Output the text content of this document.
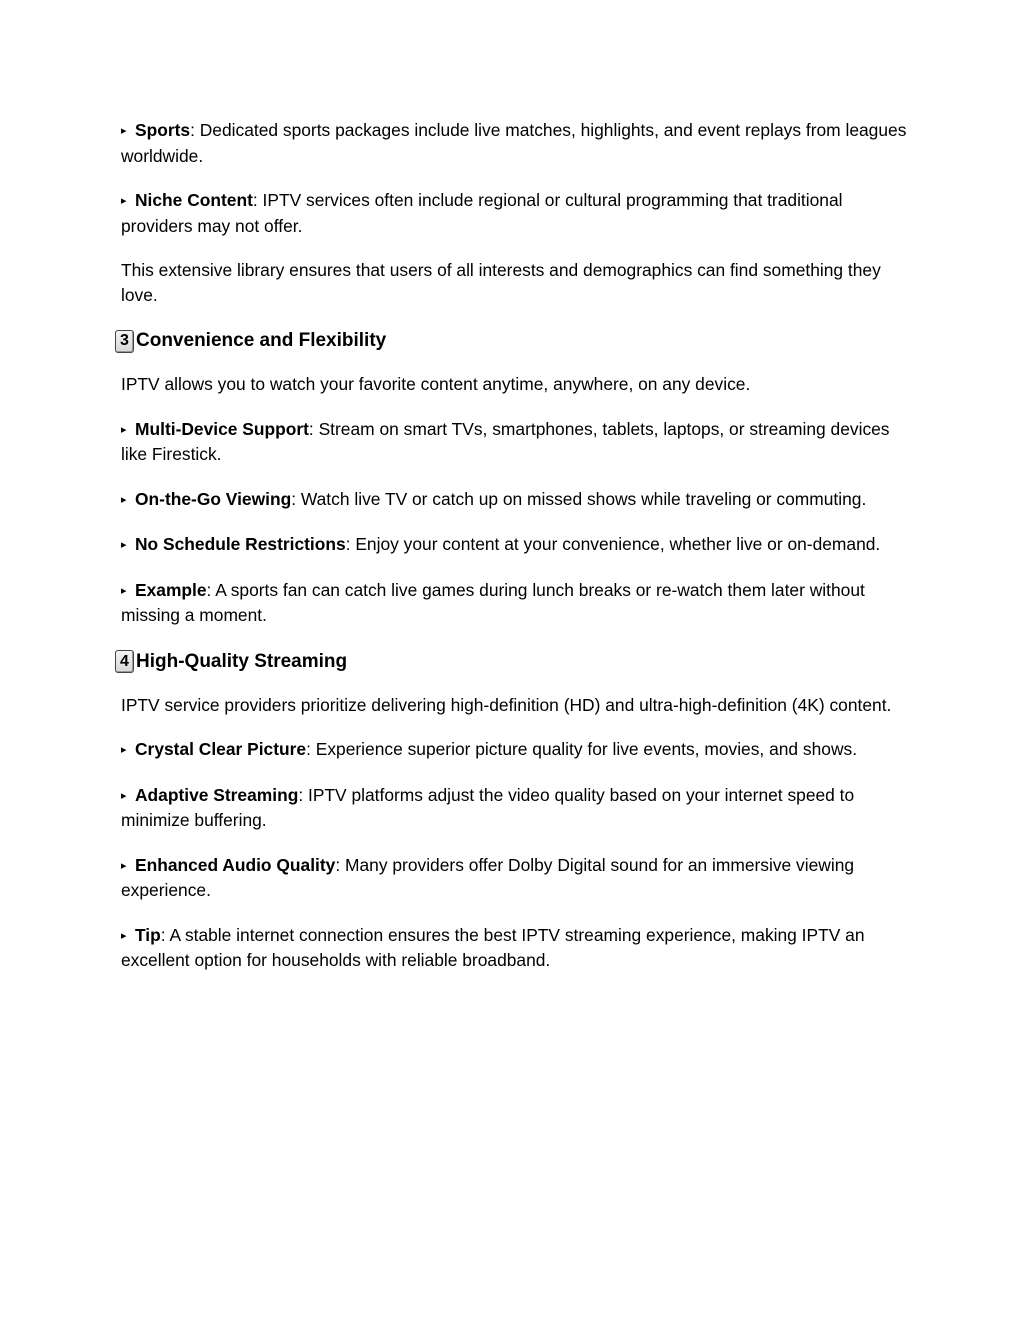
▸ Sports: Dedicated sports packages include live matches, highlights, and event replays from leagues worldwide.

▸ Niche Content: IPTV services often include regional or cultural programming that traditional providers may not offer.

This extensive library ensures that users of all interests and demographics can find something they love.

3 Convenience and Flexibility

IPTV allows you to watch your favorite content anytime, anywhere, on any device.

▸ Multi-Device Support: Stream on smart TVs, smartphones, tablets, laptops, or streaming devices like Firestick.

▸ On-the-Go Viewing: Watch live TV or catch up on missed shows while traveling or commuting.

▸ No Schedule Restrictions: Enjoy your content at your convenience, whether live or on-demand.

▸ Example: A sports fan can catch live games during lunch breaks or re-watch them later without missing a moment.

4 High-Quality Streaming

IPTV service providers prioritize delivering high-definition (HD) and ultra-high-definition (4K) content.

▸ Crystal Clear Picture: Experience superior picture quality for live events, movies, and shows.

▸ Adaptive Streaming: IPTV platforms adjust the video quality based on your internet speed to minimize buffering.

▸ Enhanced Audio Quality: Many providers offer Dolby Digital sound for an immersive viewing experience.

▸ Tip: A stable internet connection ensures the best IPTV streaming experience, making IPTV an excellent option for households with reliable broadband.
